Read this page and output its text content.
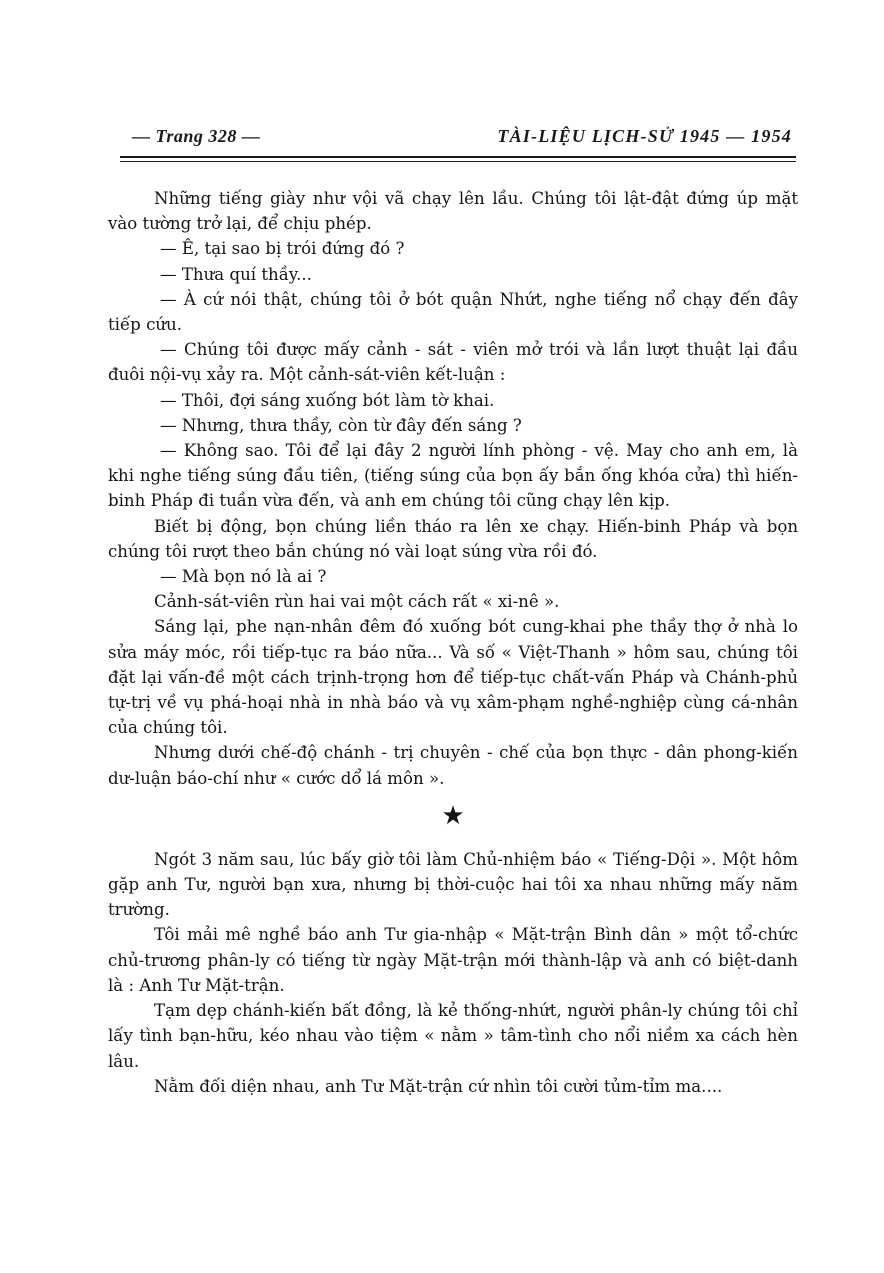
— Trang 328 —	TÀI-LIỆU LỊCH-SỬ 1945 — 1954

Những tiếng giày như vội vã chạy lên lầu. Chúng tôi lật-đật đứng úp mặt vào tường trở lại, để chịu phép.

— Ê, tại sao bị trói đứng đó ?

— Thưa quí thầy...

— À cứ nói thật, chúng tôi ở bót quận Nhứt, nghe tiếng nổ chạy đến đây tiếp cứu.

— Chúng tôi được mấy cảnh - sát - viên mở trói và lần lượt thuật lại đầu đuôi nội-vụ xảy ra. Một cảnh-sát-viên kết-luận :

— Thôi, đợi sáng xuống bót làm tờ khai.

— Nhưng, thưa thầy, còn từ đây đến sáng ?

— Không sao. Tôi để lại đây 2 người lính phòng - vệ. May cho anh em, là khi nghe tiếng súng đầu tiên, (tiếng súng của bọn ấy bắn ống khóa cửa) thì hiến-binh Pháp đi tuần vừa đến, và anh em chúng tôi cũng chạy lên kịp.

Biết bị động, bọn chúng liền tháo ra lên xe chạy. Hiến-binh Pháp và bọn chúng tôi rượt theo bắn chúng nó vài loạt súng vừa rồi đó.

— Mà bọn nó là ai ?

Cảnh-sát-viên rùn hai vai một cách rất « xi-nê ».

Sáng lại, phe nạn-nhân đêm đó xuống bót cung-khai phe thầy thợ ở nhà lo sửa máy móc, rồi tiếp-tục ra báo nữa... Và số « Việt-Thanh » hôm sau, chúng tôi đặt lại vấn-đề một cách trịnh-trọng hơn để tiếp-tục chất-vấn Pháp và Chánh-phủ tự-trị về vụ phá-hoại nhà in nhà báo và vụ xâm-phạm nghề-nghiệp cùng cá-nhân của chúng tôi.

Nhưng dưới chế-độ chánh - trị chuyên - chế của bọn thực - dân phong-kiến dư-luận báo-chí như « cước dổ lá môn ».

★

Ngót 3 năm sau, lúc bấy giờ tôi làm Chủ-nhiệm báo « Tiếng-Dội ». Một hôm gặp anh Tư, người bạn xưa, nhưng bị thời-cuộc hai tôi xa nhau những mấy năm trường.

Tôi mải mê nghề báo anh Tư gia-nhập « Mặt-trận Bình dân » một tổ-chức chủ-trương phân-ly có tiếng từ ngày Mặt-trận mới thành-lập và anh có biệt-danh là : Anh Tư Mặt-trận.

Tạm dẹp chánh-kiến bất đồng, là kẻ thống-nhứt, người phân-ly chúng tôi chỉ lấy tình bạn-hữu, kéo nhau vào tiệm « nằm » tâm-tình cho nổi niềm xa cách hèn lâu.

Nằm đối diện nhau, anh Tư Mặt-trận cứ nhìn tôi cười tủm-tỉm ma....
